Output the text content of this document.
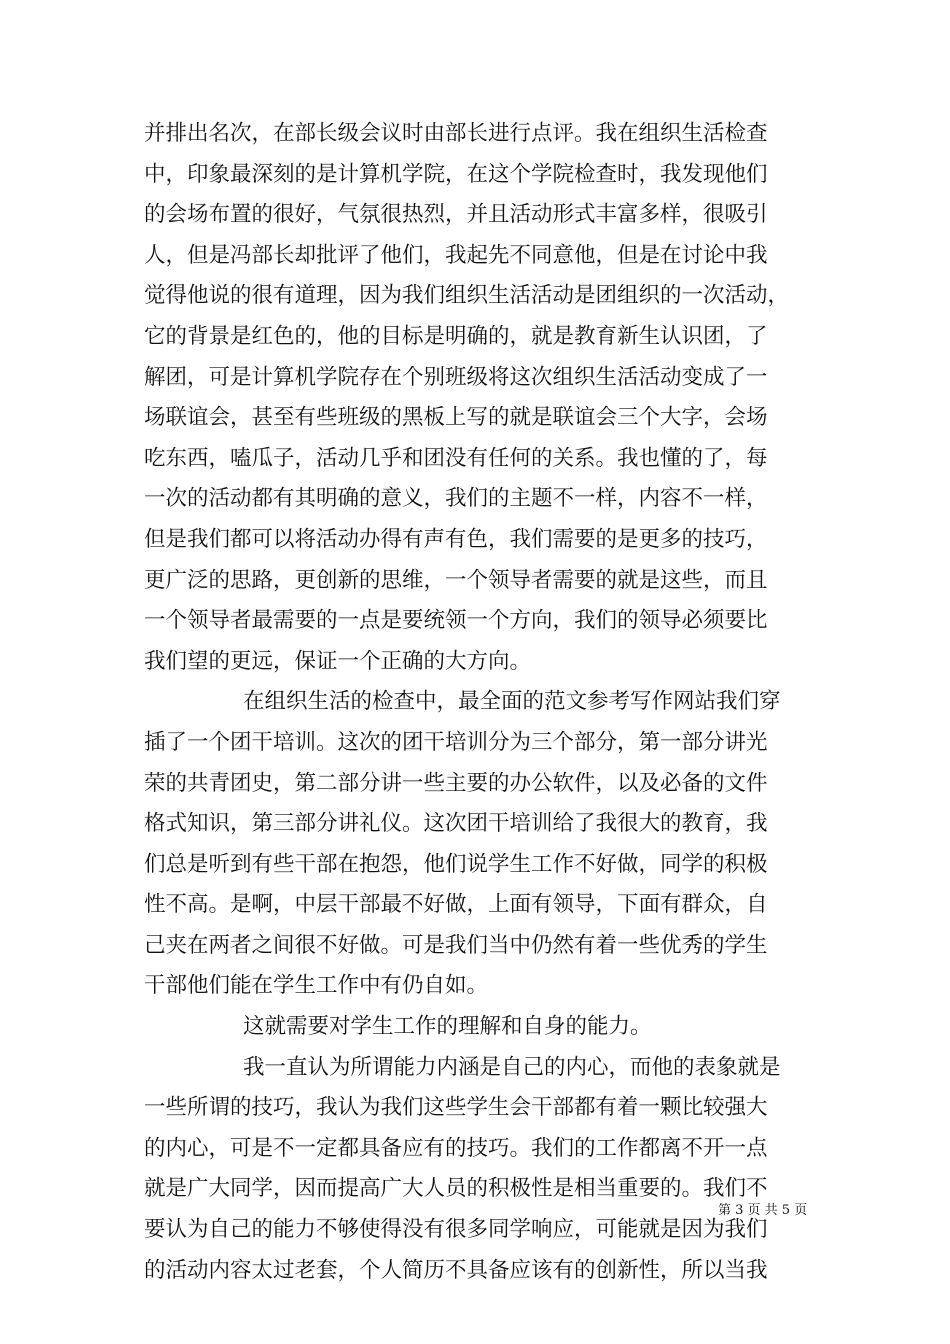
并排出名次，在部长级会议时由部长进行点评。我在组织生活检查
中，印象最深刻的是计算机学院，在这个学院检查时，我发现他们
的会场布置的很好，气氛很热烈，并且活动形式丰富多样，很吸引
人，但是冯部长却批评了他们，我起先不同意他，但是在讨论中我
觉得他说的很有道理，因为我们组织生活活动是团组织的一次活动，
它的背景是红色的，他的目标是明确的，就是教育新生认识团，了
解团，可是计算机学院存在个别班级将这次组织生活活动变成了一
场联谊会，甚至有些班级的黑板上写的就是联谊会三个大字，会场
吃东西，嗑瓜子，活动几乎和团没有任何的关系。我也懂的了，每
一次的活动都有其明确的意义，我们的主题不一样，内容不一样，
但是我们都可以将活动办得有声有色，我们需要的是更多的技巧，
更广泛的思路，更创新的思维，一个领导者需要的就是这些，而且
一个领导者最需要的一点是要统领一个方向，我们的领导必须要比
我们望的更远，保证一个正确的大方向。
在组织生活的检查中，最全面的范文参考写作网站我们穿
插了一个团干培训。这次的团干培训分为三个部分，第一部分讲光
荣的共青团史，第二部分讲一些主要的办公软件，以及必备的文件
格式知识，第三部分讲礼仪。这次团干培训给了我很大的教育，我
们总是听到有些干部在抱怨，他们说学生工作不好做，同学的积极
性不高。是啊，中层干部最不好做，上面有领导，下面有群众，自
己夹在两者之间很不好做。可是我们当中仍然有着一些优秀的学生
干部他们能在学生工作中有仍自如。
这就需要对学生工作的理解和自身的能力。
我一直认为所谓能力内涵是自己的内心，而他的表象就是
一些所谓的技巧，我认为我们这些学生会干部都有着一颗比较强大
的内心，可是不一定都具备应有的技巧。我们的工作都离不开一点
就是广大同学，因而提高广大人员的积极性是相当重要的。我们不
要认为自己的能力不够使得没有很多同学响应，可能就是因为我们
的活动内容太过老套，个人简历不具备应该有的创新性，所以当我
第 3 页 共 5 页
